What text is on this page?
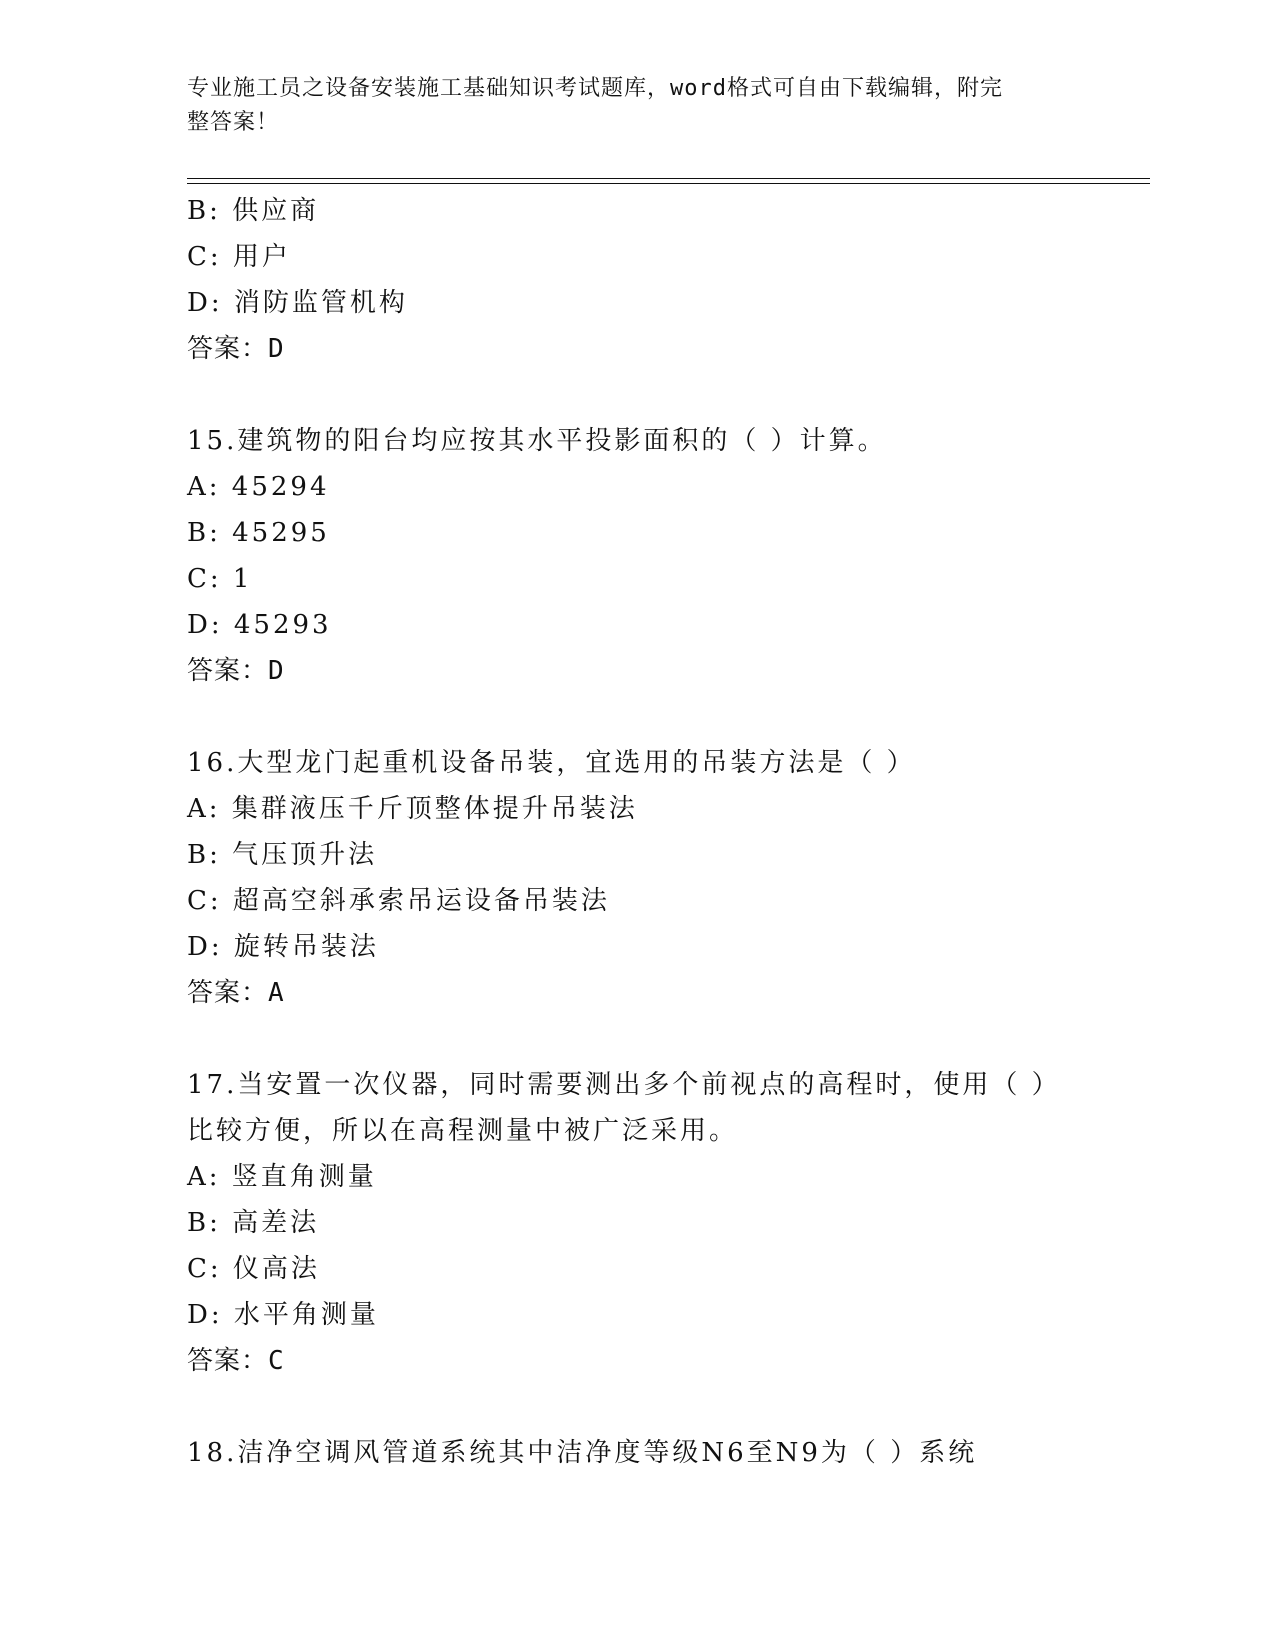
专业施工员之设备安装施工基础知识考试题库，word格式可自由下载编辑，附完
整答案！
B: 供应商
C: 用户
D: 消防监管机构
答案：D
15.建筑物的阳台均应按其水平投影面积的（ ）计算。
A: 45294
B: 45295
C: 1
D: 45293
答案：D
16.大型龙门起重机设备吊装，宜选用的吊装方法是（ ）
A: 集群液压千斤顶整体提升吊装法
B: 气压顶升法
C: 超高空斜承索吊运设备吊装法
D: 旋转吊装法
答案：A
17.当安置一次仪器，同时需要测出多个前视点的高程时，使用（ ）
比较方便，所以在高程测量中被广泛采用。
A: 竖直角测量
B: 高差法
C: 仪高法
D: 水平角测量
答案：C
18.洁净空调风管道系统其中洁净度等级N6至N9为（ ）系统
